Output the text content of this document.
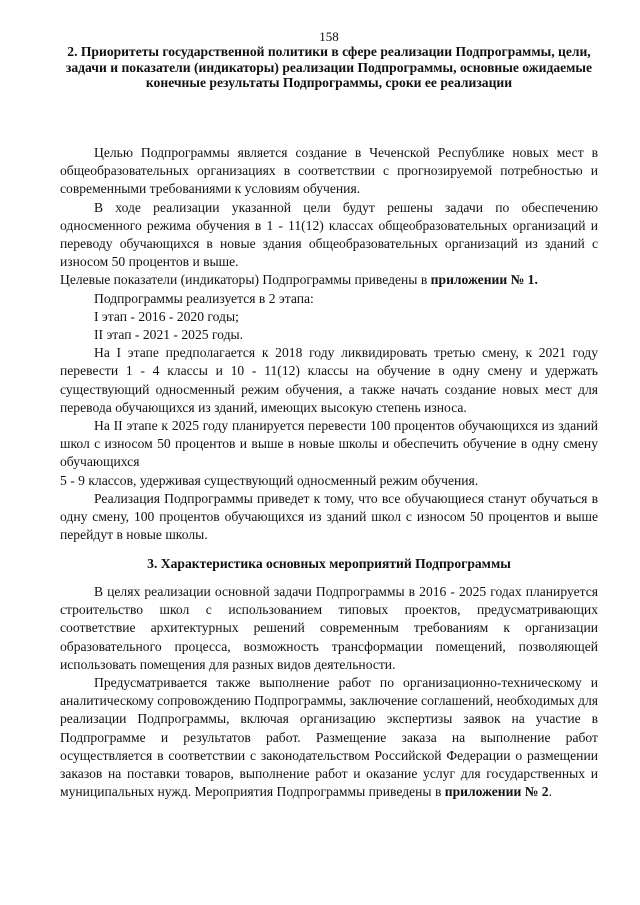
158
2. Приоритеты государственной политики в сфере реализации Подпрограммы, цели, задачи и показатели (индикаторы) реализации Подпрограммы, основные ожидаемые конечные результаты Подпрограммы, сроки ее реализации

Целью Подпрограммы является создание в Чеченской Республике новых мест в общеобразовательных организациях в соответствии с прогнозируемой потребностью и современными требованиями к условиям обучения.

В ходе реализации указанной цели будут решены задачи по обеспечению односменного режима обучения в 1 - 11(12) классах общеобразовательных организаций и переводу обучающихся в новые здания общеобразовательных организаций из зданий с износом 50 процентов и выше.

Целевые показатели (индикаторы) Подпрограммы приведены в приложении № 1.

Подпрограммы реализуется в 2 этапа:

I этап - 2016 - 2020 годы;

II этап - 2021 - 2025 годы.

На I этапе предполагается к 2018 году ликвидировать третью смену, к 2021 году перевести 1 - 4 классы и 10 - 11(12) классы на обучение в одну смену и удержать существующий односменный режим обучения, а также начать создание новых мест для перевода обучающихся из зданий, имеющих высокую степень износа.

На II этапе к 2025 году планируется перевести 100 процентов обучающихся из зданий школ с износом 50 процентов и выше в новые школы и обеспечить обучение в одну смену обучающихся

5 - 9 классов, удерживая существующий односменный режим обучения.

Реализация Подпрограммы приведет к тому, что все обучающиеся станут обучаться в одну смену, 100 процентов обучающихся из зданий школ с износом 50 процентов и выше перейдут в новые школы.

3. Характеристика основных мероприятий Подпрограммы

В целях реализации основной задачи Подпрограммы в 2016 - 2025 годах планируется строительство школ с использованием типовых проектов, предусматривающих соответствие архитектурных решений современным требованиям к организации образовательного процесса, возможность трансформации помещений, позволяющей использовать помещения для разных видов деятельности.

Предусматривается также выполнение работ по организационно-техническому и аналитическому сопровождению Подпрограммы, заключение соглашений, необходимых для реализации Подпрограммы, включая организацию экспертизы заявок на участие в Подпрограмме и результатов работ. Размещение заказа на выполнение работ осуществляется в соответствии с законодательством Российской Федерации о размещении заказов на поставки товаров, выполнение работ и оказание услуг для государственных и муниципальных нужд. Мероприятия Подпрограммы приведены в приложении № 2.
